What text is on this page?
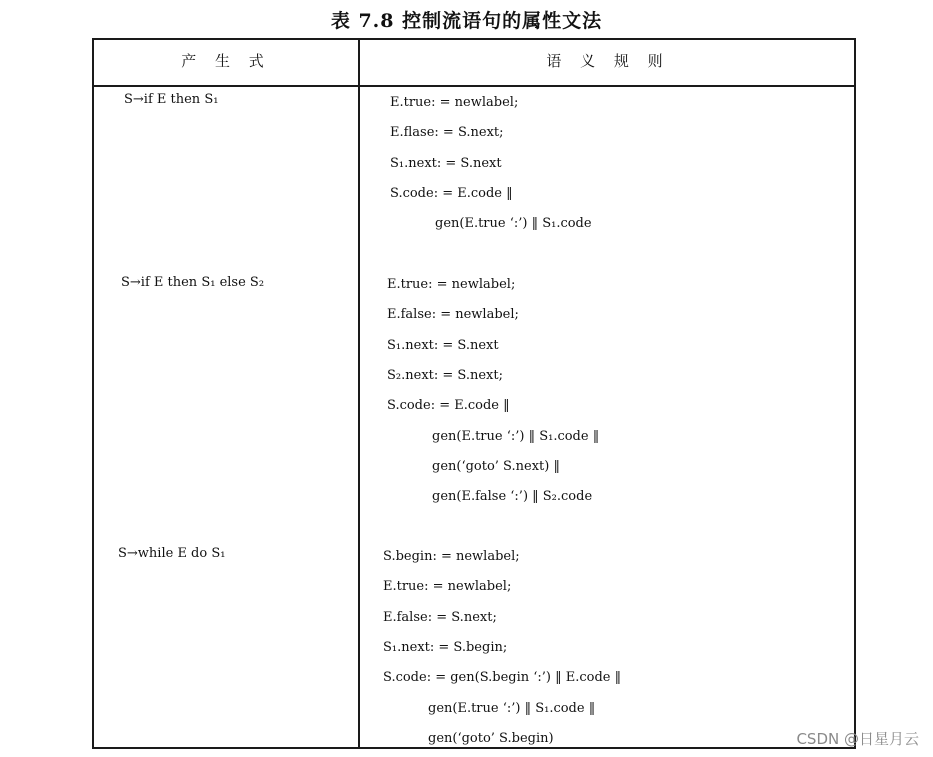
表 7.8 控制流语句的属性文法
产 生 式	语 义 规 则
S→if E then S₁	E.true: = newlabel;
E.flase: = S.next;
S₁.next: = S.next
S.code: = E.code ‖
gen(E.true ‘:’) ‖ S₁.code
S→if E then S₁ else S₂	E.true: = newlabel;
E.false: = newlabel;
S₁.next: = S.next
S₂.next: = S.next;
S.code: = E.code ‖
gen(E.true ‘:’) ‖ S₁.code ‖
gen(‘goto’ S.next) ‖
gen(E.false ‘:’) ‖ S₂.code
S→while E do S₁	S.begin: = newlabel;
E.true: = newlabel;
E.false: = S.next;
S₁.next: = S.begin;
S.code: = gen(S.begin ‘:’) ‖ E.code ‖
gen(E.true ‘:’) ‖ S₁.code ‖
gen(‘goto’ S.begin)	CSDN @日星月云
